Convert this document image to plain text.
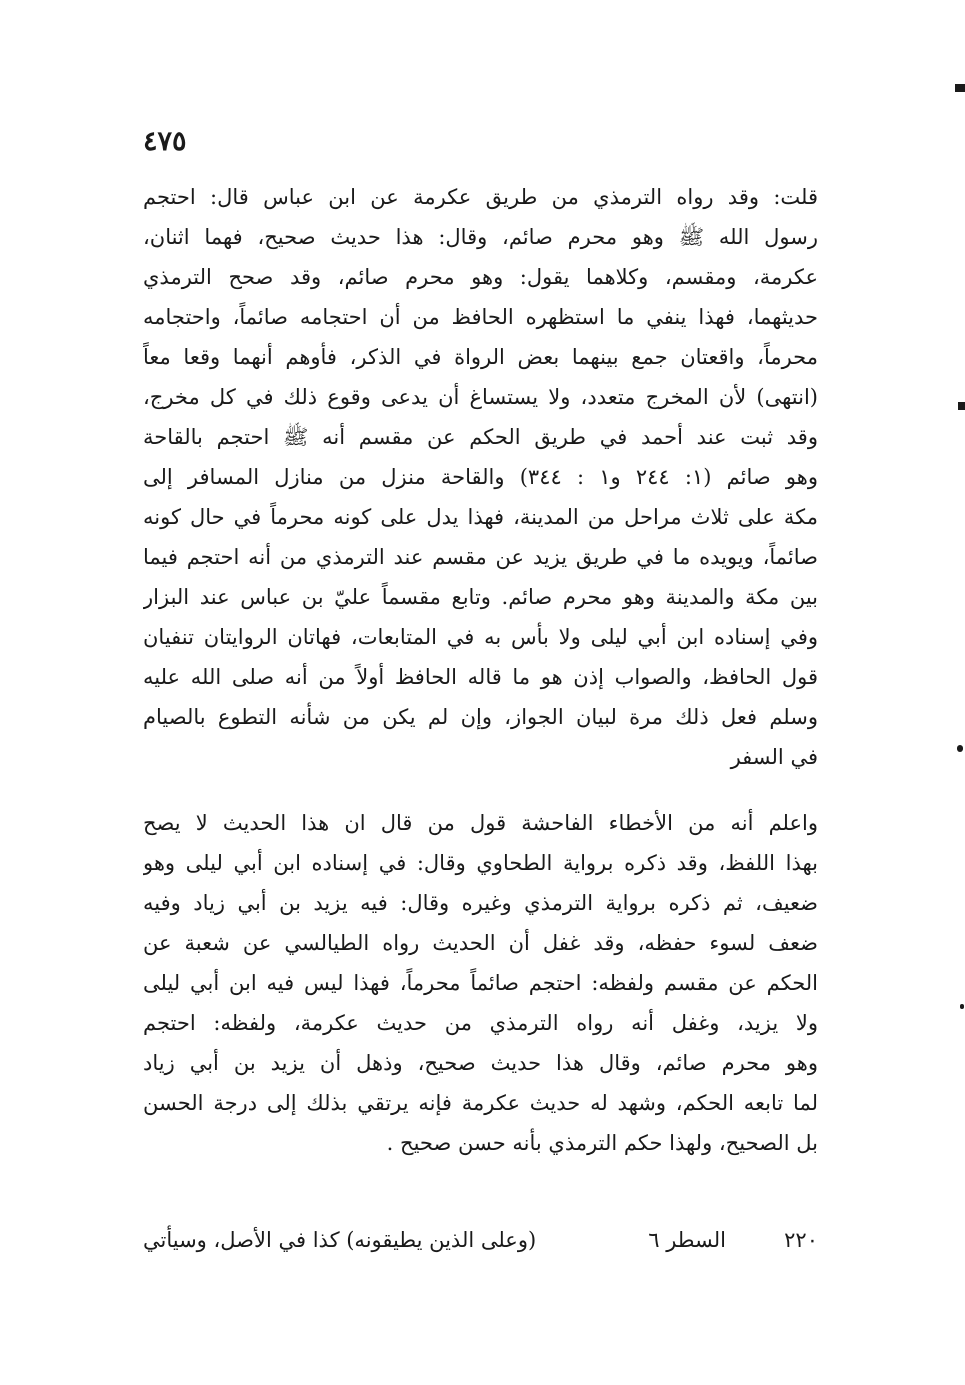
٤٧٥
قلت: وقد رواه الترمذي من طريق عكرمة عن ابن عباس قال: احتجم
رسول الله ﷺ وهو محرم صائم، وقال: هذا حديث صحيح، فهما اثنان،
عكرمة، ومقسم، وكلاهما يقول: وهو محرم صائم، وقد صحح الترمذي
حديثهما، فهذا ينفي ما استظهره الحافظ من أن احتجامه صائماً، واحتجامه
محرماً، واقعتان جمع بينهما بعض الرواة في الذكر، فأوهم أنهما وقعا معاً
(انتهى) لأن المخرج متعدد، ولا يستساغ أن يدعى وقوع ذلك في كل مخرج،
وقد ثبت عند أحمد في طريق الحكم عن مقسم أنه ﷺ احتجم بالقاحة
وهو صائم (١: ٢٤٤ و١ : ٣٤٤) والقاحة منزل من منازل المسافر إلى
مكة على ثلاث مراحل من المدينة، فهذا يدل على كونه محرماً في حال كونه
صائماً، ويويده ما في طريق يزيد عن مقسم عند الترمذي من أنه احتجم فيما
بين مكة والمدينة وهو محرم صائم. وتابع مقسماً عليّ بن عباس عند البزار
وفي إسناده ابن أبي ليلى ولا بأس به في المتابعات، فهاتان الروايتان تنفيان
قول الحافظ، والصواب إذن هو ما قاله الحافظ أولاً من أنه صلى الله عليه
وسلم فعل ذلك مرة لبيان الجواز، وإن لم يكن من شأنه التطوع بالصيام
في السفر
واعلم أنه من الأخطاء الفاحشة قول من قال ان هذا الحديث لا يصح
بهذا اللفظ، وقد ذكره برواية الطحاوي وقال: في إسناده ابن أبي ليلى وهو
ضعيف، ثم ذكره برواية الترمذي وغيره وقال: فيه يزيد بن أبي زياد وفيه
ضعف لسوء حفظه، وقد غفل أن الحديث رواه الطيالسي عن شعبة عن
الحكم عن مقسم ولفظه: احتجم صائماً محرماً، فهذا ليس فيه ابن أبي ليلى
ولا يزيد، وغفل أنه رواه الترمذي من حديث عكرمة، ولفظه: احتجم
وهو محرم صائم، وقال هذا حديث صحيح، وذهل أن يزيد بن أبي زياد
لما تابعه الحكم، وشهد له حديث عكرمة فإنه يرتقي بذلك إلى درجة الحسن
بل الصحيح، ولهذا حكم الترمذي بأنه حسن صحيح .
٢٢٠
السطر ٦
(وعلى الذين يطيقونه) كذا في الأصل، وسيأتي
